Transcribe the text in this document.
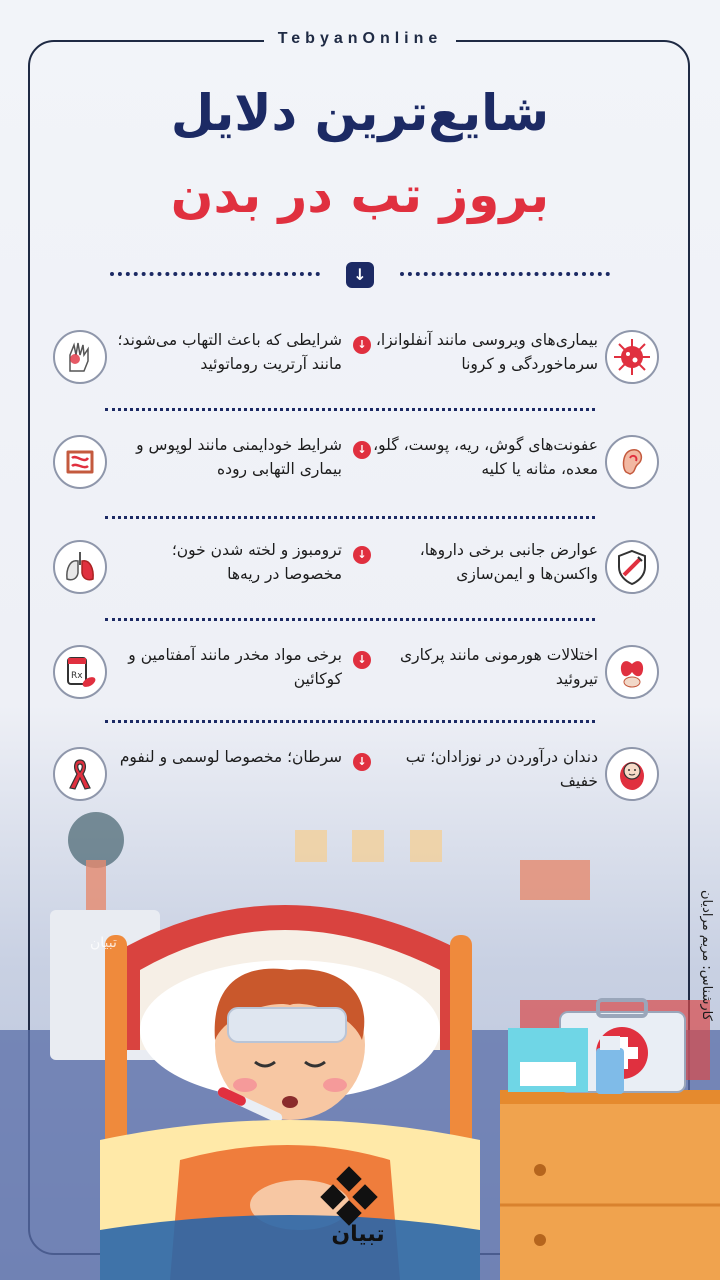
TebyanOnline
شایع‌ترین دلایل
بروز تب در بدن
↓
بیماری‌های ویروسی مانند آنفلوانزا، سرماخوردگی و کرونا
↓
شرایطی که باعث التهاب می‌شوند؛ مانند آرتریت روماتوئید
عفونت‌های گوش، ریه، پوست، گلو، معده، مثانه یا کلیه
↓
شرایط خودایمنی مانند لوپوس و بیماری التهابی روده
عوارض جانبی برخی داروها، واکسن‌ها و ایمن‌سازی
↓
ترومبوز و لخته شدن خون؛ مخصوصا در ریه‌ها
اختلالات هورمونی مانند پرکاری تیروئید
↓
برخی مواد مخدر مانند آمفتامین و کوکائین
Rx
دندان درآوردن در نوزادان؛ تب خفیف
↓
سرطان؛ مخصوصا لوسمی و لنفوم
تبیان
تبیان
کارشناس: مریم مرادیان
